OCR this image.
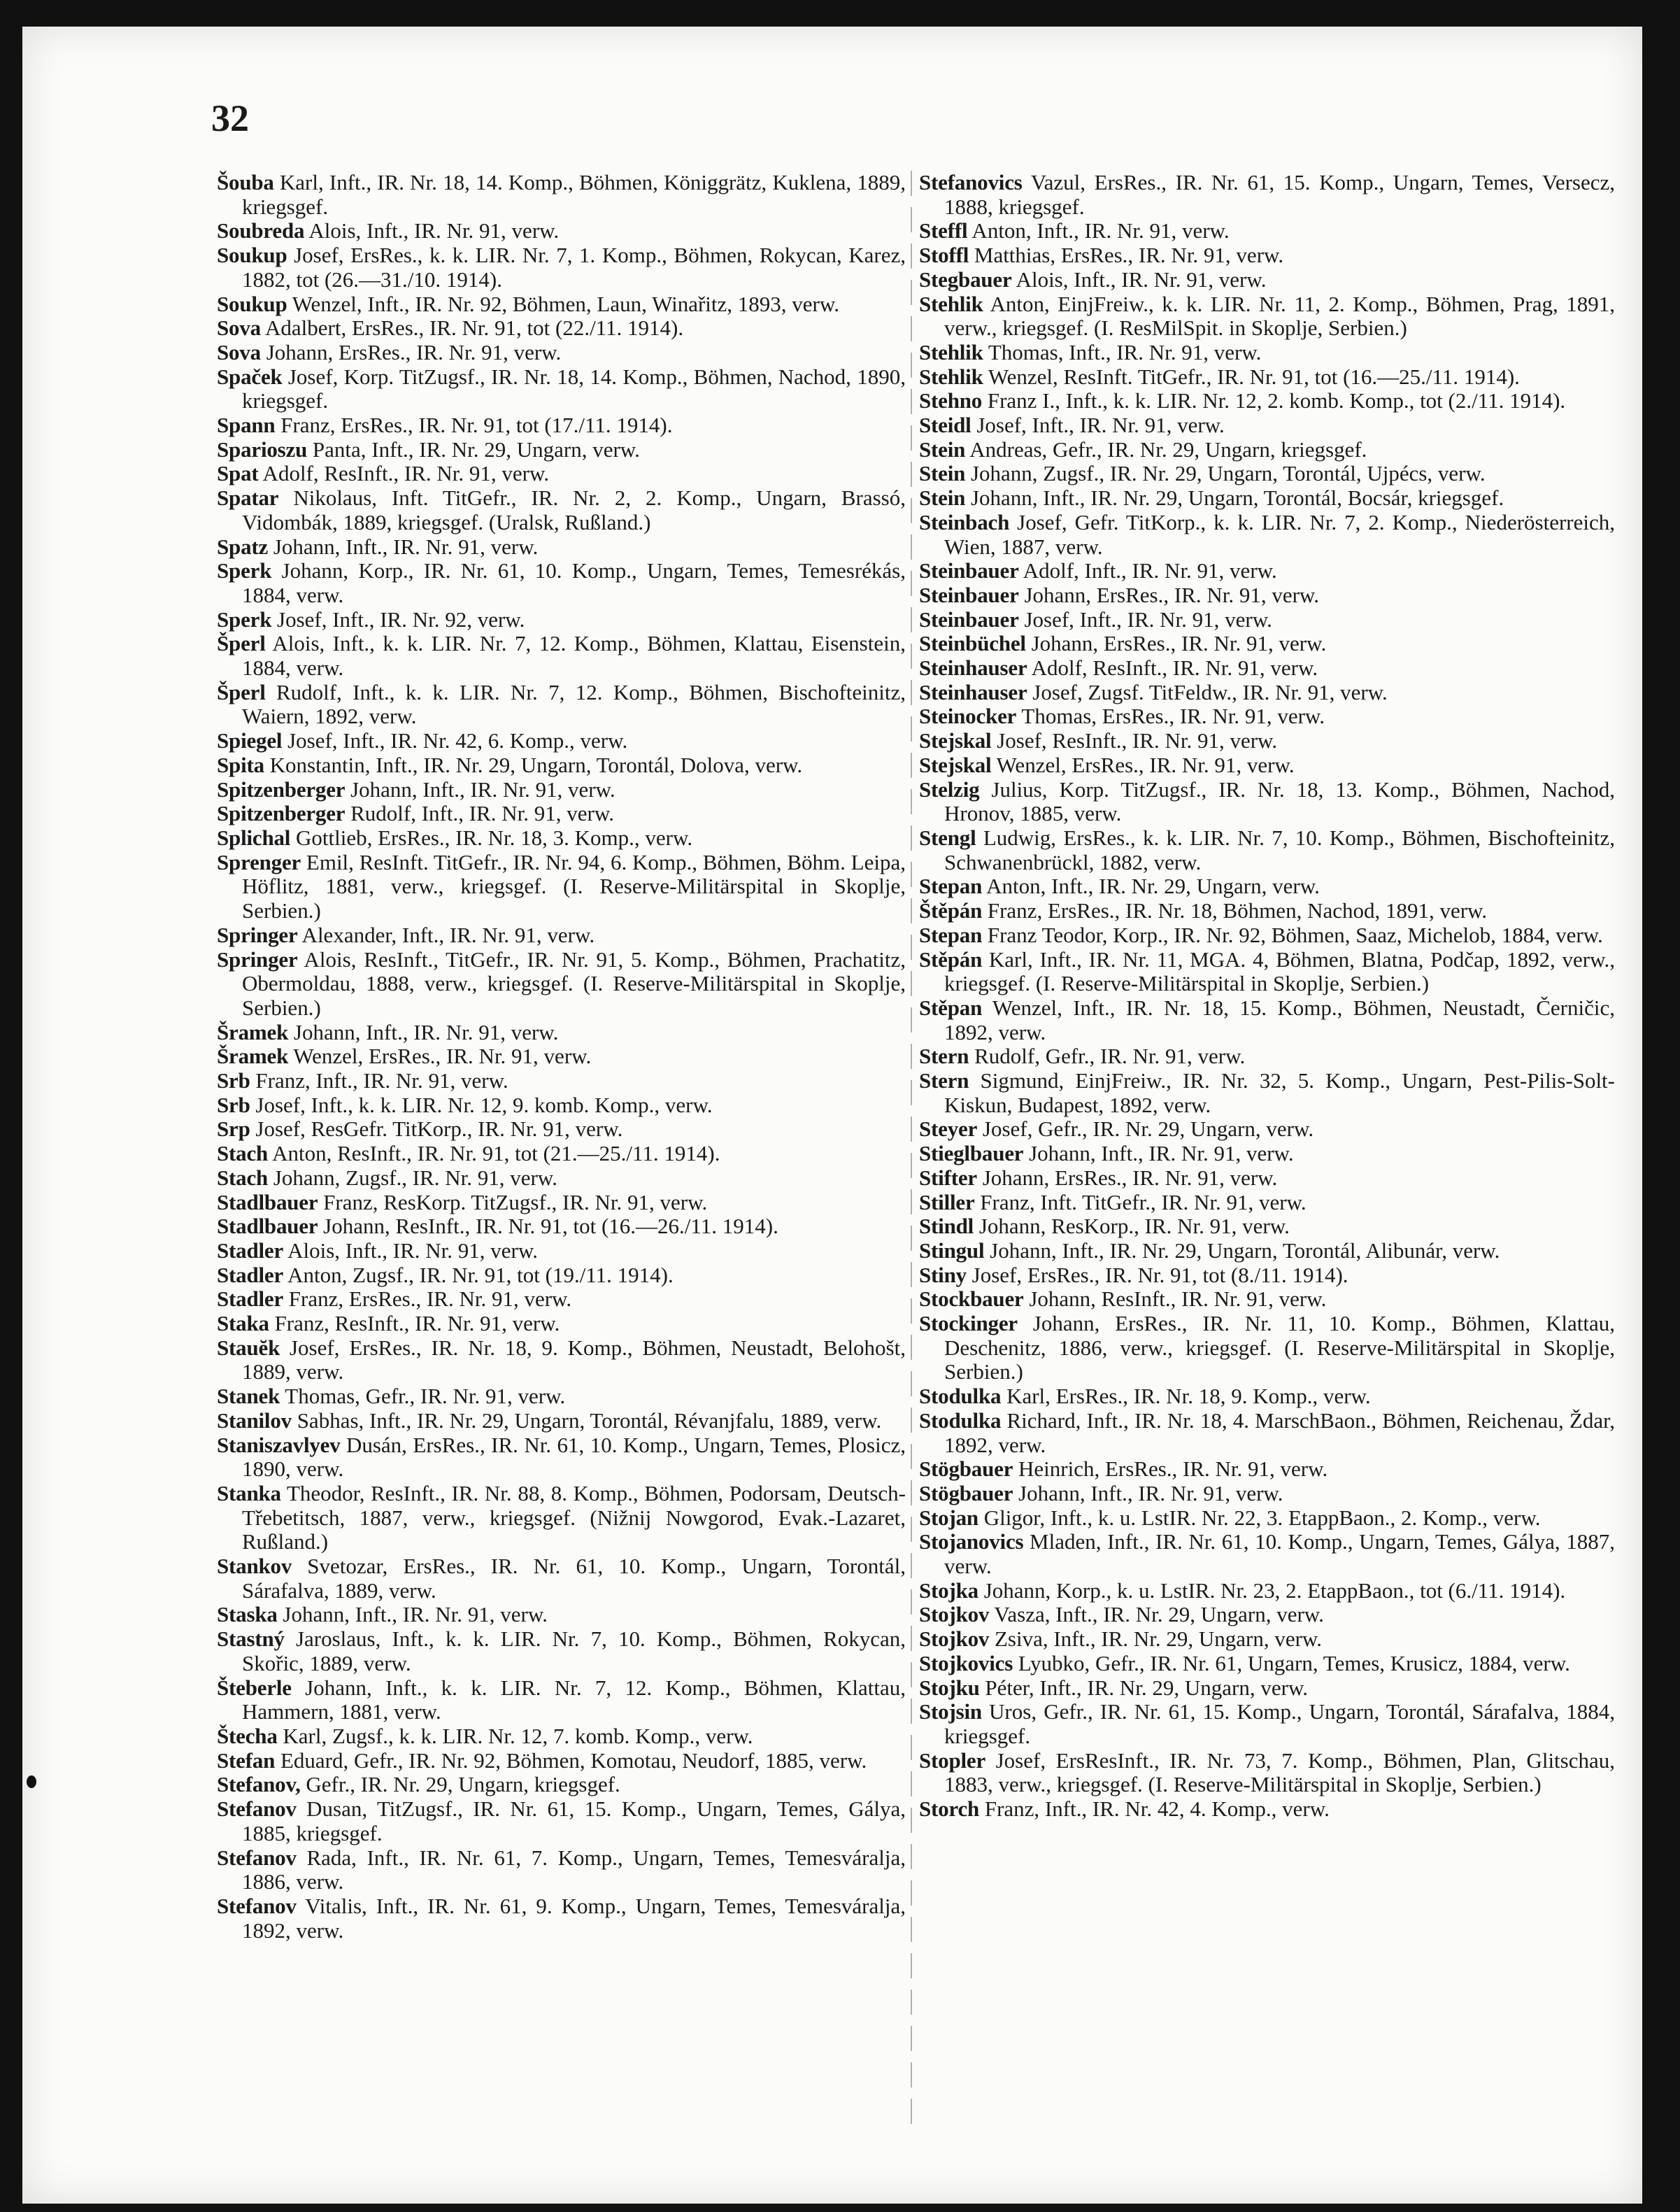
32

Šouba Karl, Inft., IR. Nr. 18, 14. Komp., Böhmen, Königgrätz, Kuklena, 1889, kriegsgef.

Soubreda Alois, Inft., IR. Nr. 91, verw.

Soukup Josef, ErsRes., k. k. LIR. Nr. 7, 1. Komp., Böhmen, Rokycan, Karez, 1882, tot (26.—31./10. 1914).

Soukup Wenzel, Inft., IR. Nr. 92, Böhmen, Laun, Winařitz, 1893, verw.

Sova Adalbert, ErsRes., IR. Nr. 91, tot (22./11. 1914).

Sova Johann, ErsRes., IR. Nr. 91, verw.

Spaček Josef, Korp. TitZugsf., IR. Nr. 18, 14. Komp., Böhmen, Nachod, 1890, kriegsgef.

Spann Franz, ErsRes., IR. Nr. 91, tot (17./11. 1914).

Sparioszu Panta, Inft., IR. Nr. 29, Ungarn, verw.

Spat Adolf, ResInft., IR. Nr. 91, verw.

Spatar Nikolaus, Inft. TitGefr., IR. Nr. 2, 2. Komp., Ungarn, Brassó, Vidombák, 1889, kriegsgef. (Uralsk, Rußland.)

Spatz Johann, Inft., IR. Nr. 91, verw.

Sperk Johann, Korp., IR. Nr. 61, 10. Komp., Ungarn, Temes, Temesrékás, 1884, verw.

Sperk Josef, Inft., IR. Nr. 92, verw.

Šperl Alois, Inft., k. k. LIR. Nr. 7, 12. Komp., Böhmen, Klattau, Eisenstein, 1884, verw.

Šperl Rudolf, Inft., k. k. LIR. Nr. 7, 12. Komp., Böhmen, Bischofteinitz, Waiern, 1892, verw.

Spiegel Josef, Inft., IR. Nr. 42, 6. Komp., verw.

Spita Konstantin, Inft., IR. Nr. 29, Ungarn, Torontál, Dolova, verw.

Spitzenberger Johann, Inft., IR. Nr. 91, verw.

Spitzenberger Rudolf, Inft., IR. Nr. 91, verw.

Splichal Gottlieb, ErsRes., IR. Nr. 18, 3. Komp., verw.

Sprenger Emil, ResInft. TitGefr., IR. Nr. 94, 6. Komp., Böhmen, Böhm. Leipa, Höflitz, 1881, verw., kriegsgef. (I. Reserve-Militärspital in Skoplje, Serbien.)

Springer Alexander, Inft., IR. Nr. 91, verw.

Springer Alois, ResInft., TitGefr., IR. Nr. 91, 5. Komp., Böhmen, Prachatitz, Obermoldau, 1888, verw., kriegsgef. (I. Reserve-Militärspital in Skoplje, Serbien.)

Šramek Johann, Inft., IR. Nr. 91, verw.

Šramek Wenzel, ErsRes., IR. Nr. 91, verw.

Srb Franz, Inft., IR. Nr. 91, verw.

Srb Josef, Inft., k. k. LIR. Nr. 12, 9. komb. Komp., verw.

Srp Josef, ResGefr. TitKorp., IR. Nr. 91, verw.

Stach Anton, ResInft., IR. Nr. 91, tot (21.—25./11. 1914).

Stach Johann, Zugsf., IR. Nr. 91, verw.

Stadlbauer Franz, ResKorp. TitZugsf., IR. Nr. 91, verw.

Stadlbauer Johann, ResInft., IR. Nr. 91, tot (16.—26./11. 1914).

Stadler Alois, Inft., IR. Nr. 91, verw.

Stadler Anton, Zugsf., IR. Nr. 91, tot (19./11. 1914).

Stadler Franz, ErsRes., IR. Nr. 91, verw.

Staka Franz, ResInft., IR. Nr. 91, verw.

Stauĕk Josef, ErsRes., IR. Nr. 18, 9. Komp., Böhmen, Neustadt, Belohošt, 1889, verw.

Stanek Thomas, Gefr., IR. Nr. 91, verw.

Stanilov Sabhas, Inft., IR. Nr. 29, Ungarn, Torontál, Révanjfalu, 1889, verw.

Staniszavlyev Dusán, ErsRes., IR. Nr. 61, 10. Komp., Ungarn, Temes, Plosicz, 1890, verw.

Stanka Theodor, ResInft., IR. Nr. 88, 8. Komp., Böhmen, Podorsam, Deutsch-Třebetitsch, 1887, verw., kriegsgef. (Nižnij Nowgorod, Evak.-Lazaret, Rußland.)

Stankov Svetozar, ErsRes., IR. Nr. 61, 10. Komp., Ungarn, Torontál, Sárafalva, 1889, verw.

Staska Johann, Inft., IR. Nr. 91, verw.

Stastný Jaroslaus, Inft., k. k. LIR. Nr. 7, 10. Komp., Böhmen, Rokycan, Skořic, 1889, verw.

Šteberle Johann, Inft., k. k. LIR. Nr. 7, 12. Komp., Böhmen, Klattau, Hammern, 1881, verw.

Štecha Karl, Zugsf., k. k. LIR. Nr. 12, 7. komb. Komp., verw.

Stefan Eduard, Gefr., IR. Nr. 92, Böhmen, Komotau, Neudorf, 1885, verw.

Stefanov, Gefr., IR. Nr. 29, Ungarn, kriegsgef.

Stefanov Dusan, TitZugsf., IR. Nr. 61, 15. Komp., Ungarn, Temes, Gálya, 1885, kriegsgef.

Stefanov Rada, Inft., IR. Nr. 61, 7. Komp., Ungarn, Temes, Temesváralja, 1886, verw.

Stefanov Vitalis, Inft., IR. Nr. 61, 9. Komp., Ungarn, Temes, Temesváralja, 1892, verw.

Stefanovics Vazul, ErsRes., IR. Nr. 61, 15. Komp., Ungarn, Temes, Versecz, 1888, kriegsgef.

Steffl Anton, Inft., IR. Nr. 91, verw.

Stoffl Matthias, ErsRes., IR. Nr. 91, verw.

Stegbauer Alois, Inft., IR. Nr. 91, verw.

Stehlik Anton, EinjFreiw., k. k. LIR. Nr. 11, 2. Komp., Böhmen, Prag, 1891, verw., kriegsgef. (I. ResMilSpit. in Skoplje, Serbien.)

Stehlik Thomas, Inft., IR. Nr. 91, verw.

Stehlik Wenzel, ResInft. TitGefr., IR. Nr. 91, tot (16.—25./11. 1914).

Stehno Franz I., Inft., k. k. LIR. Nr. 12, 2. komb. Komp., tot (2./11. 1914).

Steidl Josef, Inft., IR. Nr. 91, verw.

Stein Andreas, Gefr., IR. Nr. 29, Ungarn, kriegsgef.

Stein Johann, Zugsf., IR. Nr. 29, Ungarn, Torontál, Ujpécs, verw.

Stein Johann, Inft., IR. Nr. 29, Ungarn, Torontál, Bocsár, kriegsgef.

Steinbach Josef, Gefr. TitKorp., k. k. LIR. Nr. 7, 2. Komp., Niederösterreich, Wien, 1887, verw.

Steinbauer Adolf, Inft., IR. Nr. 91, verw.

Steinbauer Johann, ErsRes., IR. Nr. 91, verw.

Steinbauer Josef, Inft., IR. Nr. 91, verw.

Steinbüchel Johann, ErsRes., IR. Nr. 91, verw.

Steinhauser Adolf, ResInft., IR. Nr. 91, verw.

Steinhauser Josef, Zugsf. TitFeldw., IR. Nr. 91, verw.

Steinocker Thomas, ErsRes., IR. Nr. 91, verw.

Stejskal Josef, ResInft., IR. Nr. 91, verw.

Stejskal Wenzel, ErsRes., IR. Nr. 91, verw.

Stelzig Julius, Korp. TitZugsf., IR. Nr. 18, 13. Komp., Böhmen, Nachod, Hronov, 1885, verw.

Stengl Ludwig, ErsRes., k. k. LIR. Nr. 7, 10. Komp., Böhmen, Bischofteinitz, Schwanenbrückl, 1882, verw.

Stepan Anton, Inft., IR. Nr. 29, Ungarn, verw.

Štěpán Franz, ErsRes., IR. Nr. 18, Böhmen, Nachod, 1891, verw.

Stepan Franz Teodor, Korp., IR. Nr. 92, Böhmen, Saaz, Michelob, 1884, verw.

Stěpán Karl, Inft., IR. Nr. 11, MGA. 4, Böhmen, Blatna, Podčap, 1892, verw., kriegsgef. (I. Reserve-Militärspital in Skoplje, Serbien.)

Stěpan Wenzel, Inft., IR. Nr. 18, 15. Komp., Böhmen, Neustadt, Černičic, 1892, verw.

Stern Rudolf, Gefr., IR. Nr. 91, verw.

Stern Sigmund, EinjFreiw., IR. Nr. 32, 5. Komp., Ungarn, Pest-Pilis-Solt-Kiskun, Budapest, 1892, verw.

Steyer Josef, Gefr., IR. Nr. 29, Ungarn, verw.

Stieglbauer Johann, Inft., IR. Nr. 91, verw.

Stifter Johann, ErsRes., IR. Nr. 91, verw.

Stiller Franz, Inft. TitGefr., IR. Nr. 91, verw.

Stindl Johann, ResKorp., IR. Nr. 91, verw.

Stingul Johann, Inft., IR. Nr. 29, Ungarn, Torontál, Alibunár, verw.

Stiny Josef, ErsRes., IR. Nr. 91, tot (8./11. 1914).

Stockbauer Johann, ResInft., IR. Nr. 91, verw.

Stockinger Johann, ErsRes., IR. Nr. 11, 10. Komp., Böhmen, Klattau, Deschenitz, 1886, verw., kriegsgef. (I. Reserve-Militärspital in Skoplje, Serbien.)

Stodulka Karl, ErsRes., IR. Nr. 18, 9. Komp., verw.

Stodulka Richard, Inft., IR. Nr. 18, 4. MarschBaon., Böhmen, Reichenau, Ždar, 1892, verw.

Stögbauer Heinrich, ErsRes., IR. Nr. 91, verw.

Stögbauer Johann, Inft., IR. Nr. 91, verw.

Stojan Gligor, Inft., k. u. LstIR. Nr. 22, 3. EtappBaon., 2. Komp., verw.

Stojanovics Mladen, Inft., IR. Nr. 61, 10. Komp., Ungarn, Temes, Gálya, 1887, verw.

Stojka Johann, Korp., k. u. LstIR. Nr. 23, 2. EtappBaon., tot (6./11. 1914).

Stojkov Vasza, Inft., IR. Nr. 29, Ungarn, verw.

Stojkov Zsiva, Inft., IR. Nr. 29, Ungarn, verw.

Stojkovics Lyubko, Gefr., IR. Nr. 61, Ungarn, Temes, Krusicz, 1884, verw.

Stojku Péter, Inft., IR. Nr. 29, Ungarn, verw.

Stojsin Uros, Gefr., IR. Nr. 61, 15. Komp., Ungarn, Torontál, Sárafalva, 1884, kriegsgef.

Stopler Josef, ErsResInft., IR. Nr. 73, 7. Komp., Böhmen, Plan, Glitschau, 1883, verw., kriegsgef. (I. Reserve-Militärspital in Skoplje, Serbien.)

Storch Franz, Inft., IR. Nr. 42, 4. Komp., verw.
